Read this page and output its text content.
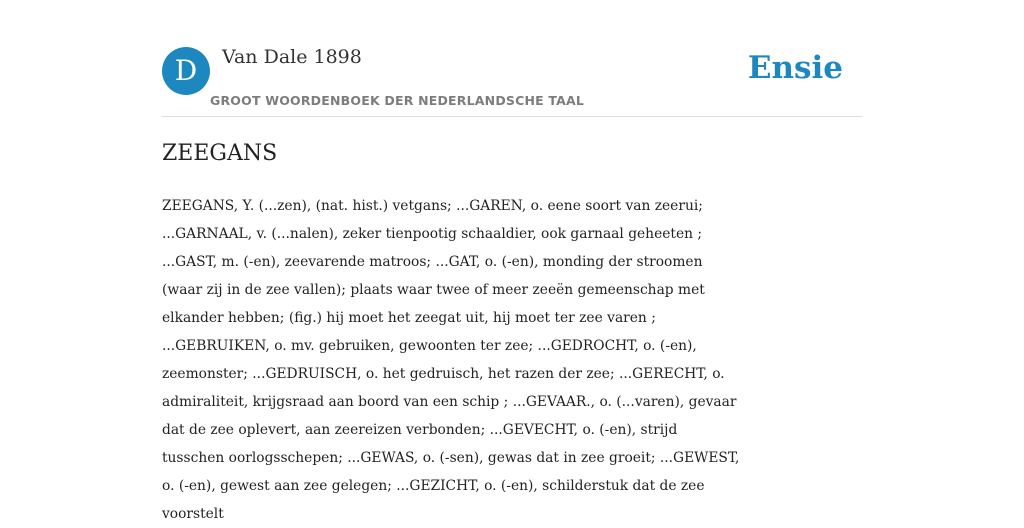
D	Van Dale 1898
GROOT WOORDENBOEK DER NEDERLANDSCHE TAAL
Ensie
ZEEGANS
ZEEGANS, Y. (...zen), (nat. hist.) vetgans; ...GAREN, o. eene soort van zeerui;
...GARNAAL, v. (...nalen), zeker tienpootig schaaldier, ook garnaal geheeten ;
...GAST, m. (-en), zeevarende matroos; ...GAT, o. (-en), monding der stroomen
(waar zij in de zee vallen); plaats waar twee of meer zeeën gemeenschap met
elkander hebben; (fig.) hij moet het zeegat uit, hij moet ter zee varen ;
...GEBRUIKEN, o. mv. gebruiken, gewoonten ter zee; ...GEDROCHT, o. (-en),
zeemonster; ...GEDRUISCH, o. het gedruisch, het razen der zee; ...GERECHT, o.
admiraliteit, krijgsraad aan boord van een schip ; ...GEVAAR., o. (...varen), gevaar
dat de zee oplevert, aan zeereizen verbonden; ...GEVECHT, o. (-en), strijd
tusschen oorlogsschepen; ...GEWAS, o. (-sen), gewas dat in zee groeit; ...GEWEST,
o. (-en), gewest aan zee gelegen; ...GEZICHT, o. (-en), schilderstuk dat de zee
voorstelt
